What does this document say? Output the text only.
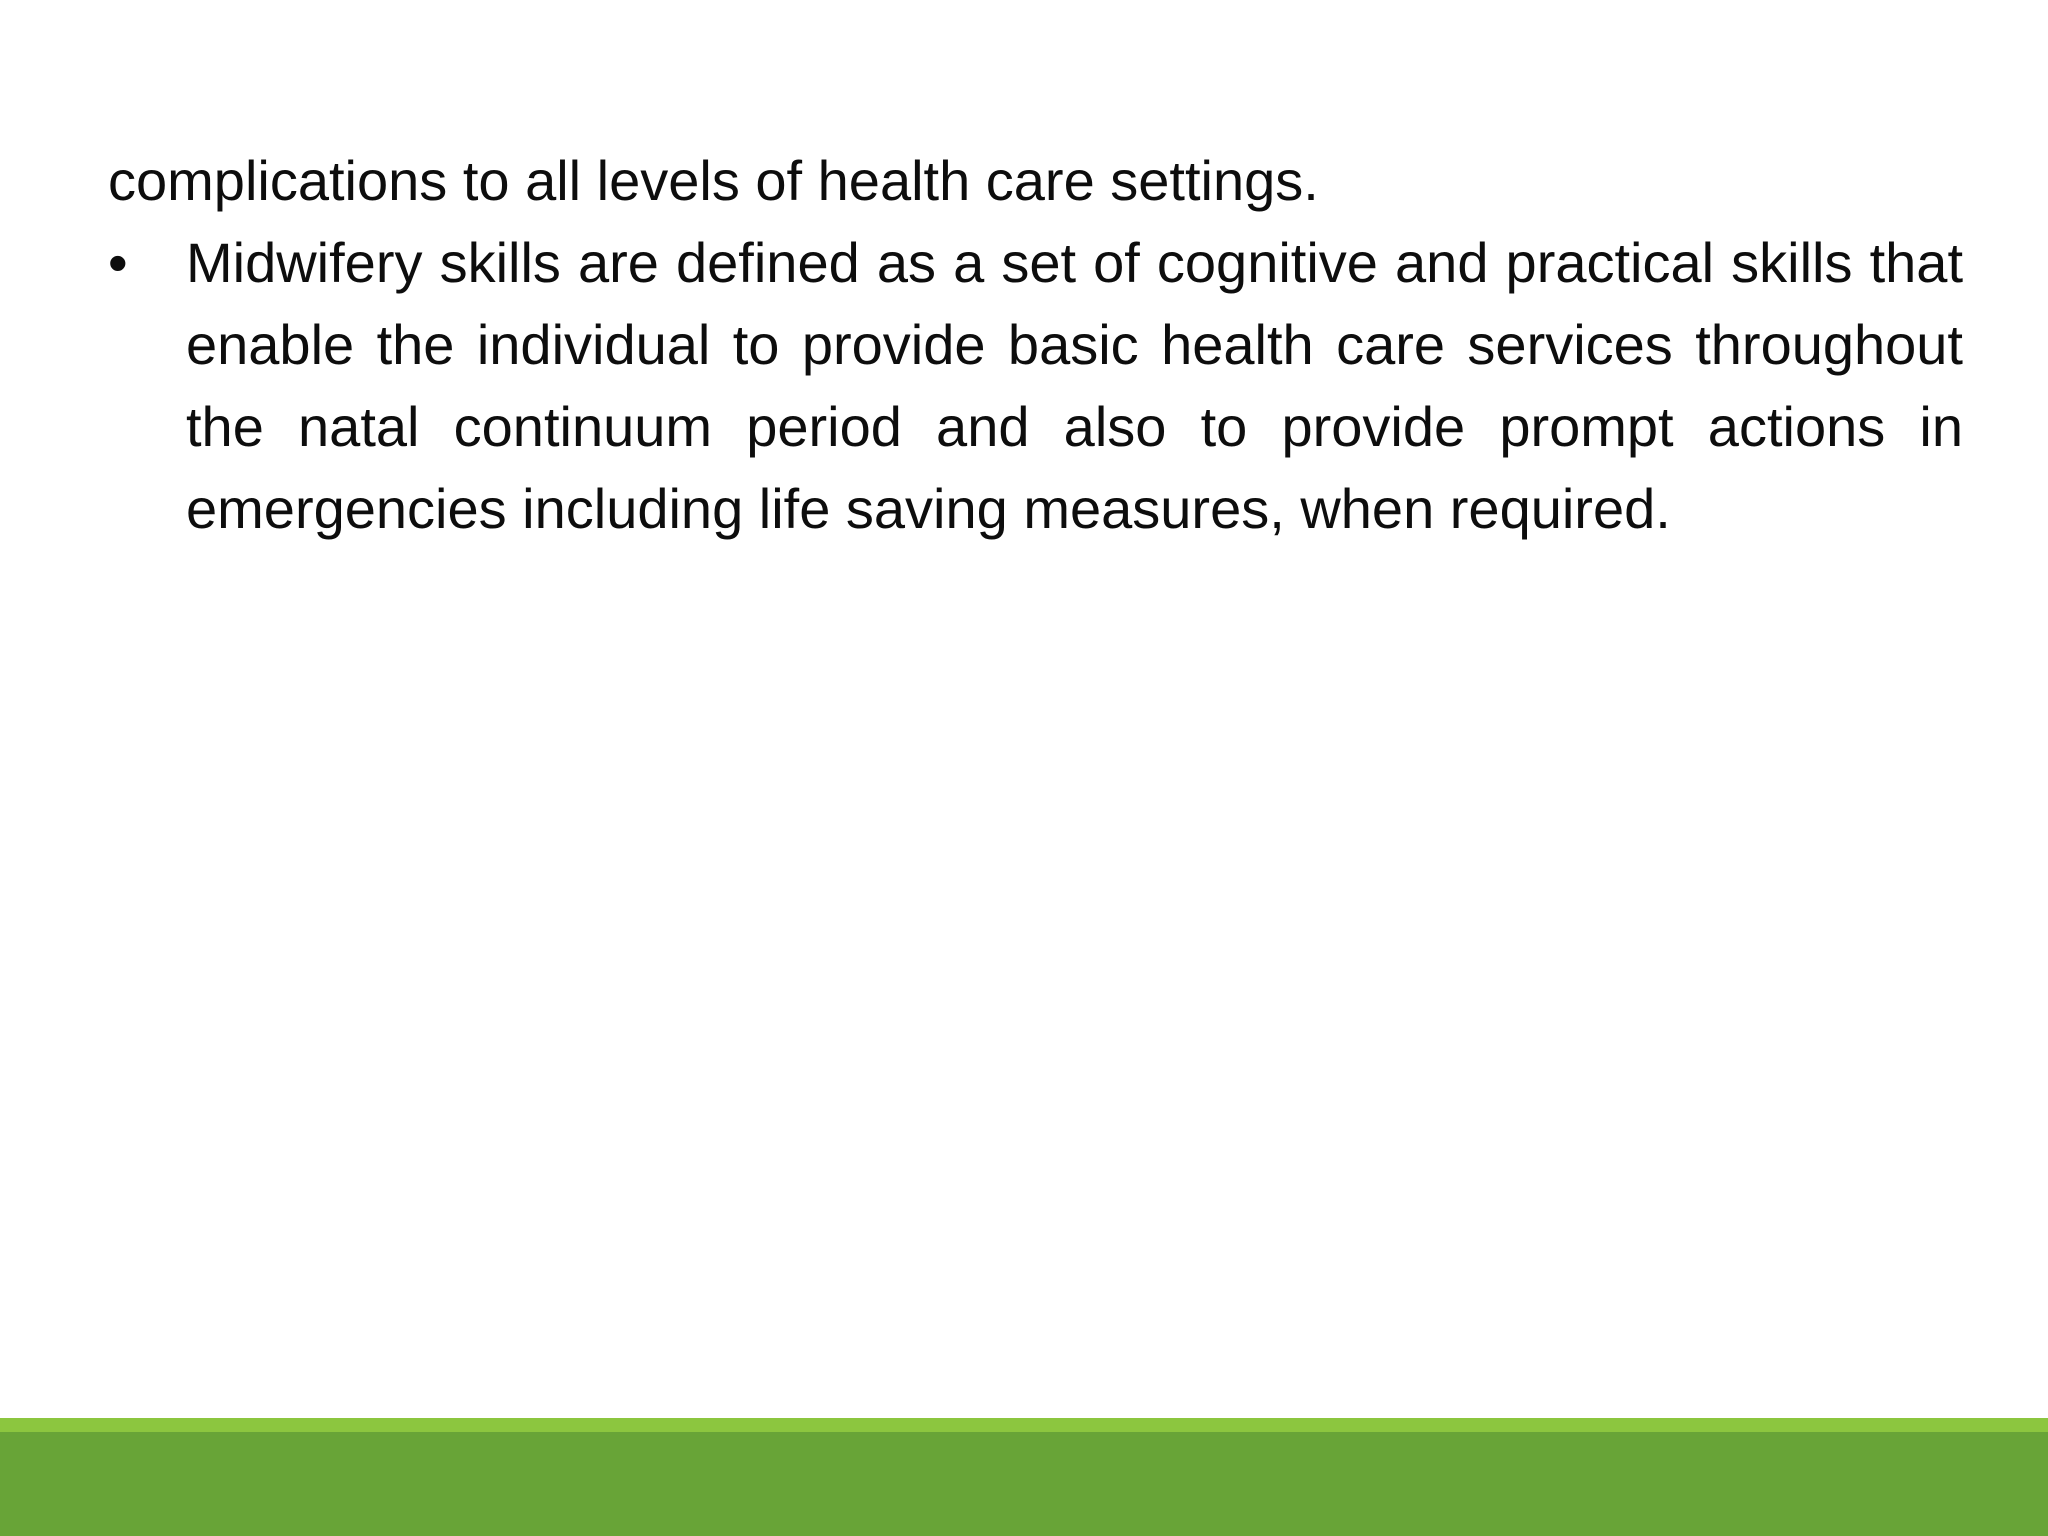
complications to all levels of health care settings.

• Midwifery skills are defined as a set of cognitive and practical skills that enable the individual to provide basic health care services throughout the natal continuum period and also to provide prompt actions in emergencies including life saving measures, when required.
